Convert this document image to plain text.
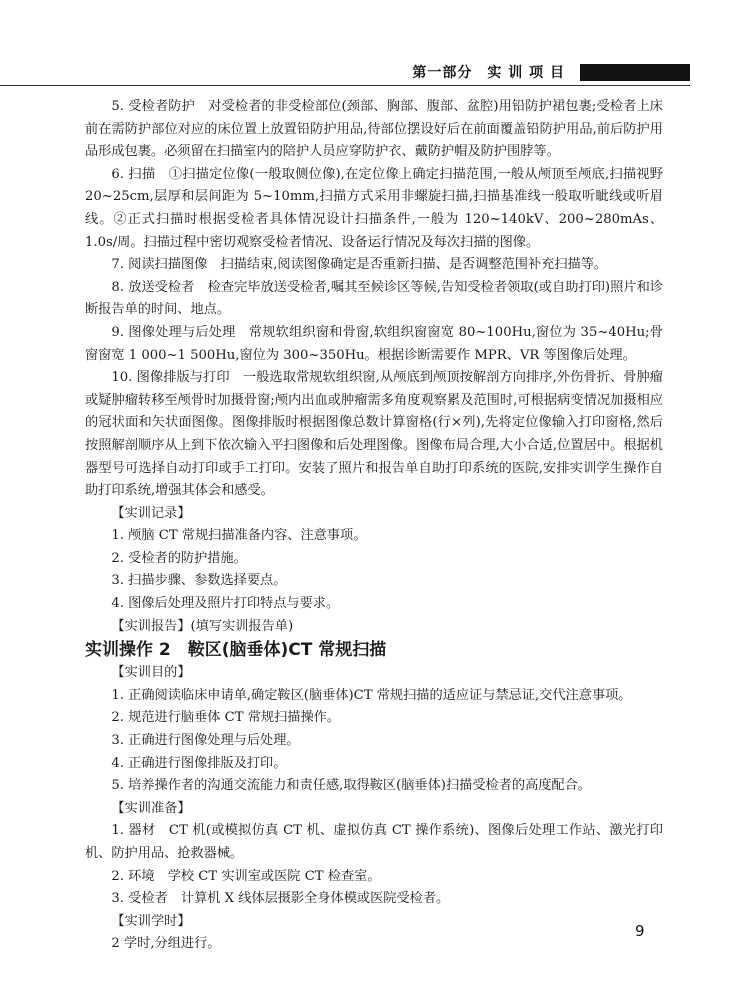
第一部分　实 训 项 目

5. 受检者防护　对受检者的非受检部位(颈部、胸部、腹部、盆腔)用铅防护裙包裹;受检者上床前在需防护部位对应的床位置上放置铅防护用品,待部位摆设好后在前面覆盖铅防护用品,前后防护用品形成包裹。必须留在扫描室内的陪护人员应穿防护衣、戴防护帽及防护围脖等。

6. 扫描　①扫描定位像(一般取侧位像),在定位像上确定扫描范围,一般从颅顶至颅底,扫描视野 20~25cm,层厚和层间距为 5~10mm,扫描方式采用非螺旋扫描,扫描基准线一般取听眦线或听眉线。②正式扫描时根据受检者具体情况设计扫描条件,一般为 120~140kV、200~280mAs、1.0s/周。扫描过程中密切观察受检者情况、设备运行情况及每次扫描的图像。

7. 阅读扫描图像　扫描结束,阅读图像确定是否重新扫描、是否调整范围补充扫描等。

8. 放送受检者　检查完毕放送受检者,嘱其至候诊区等候,告知受检者领取(或自助打印)照片和诊断报告单的时间、地点。

9. 图像处理与后处理　常规软组织窗和骨窗,软组织窗窗宽 80~100Hu,窗位为 35~40Hu;骨窗窗宽 1 000~1 500Hu,窗位为 300~350Hu。根据诊断需要作 MPR、VR 等图像后处理。

10. 图像排版与打印　一般选取常规软组织窗,从颅底到颅顶按解剖方向排序,外伤骨折、骨肿瘤或疑肿瘤转移至颅骨时加摄骨窗;颅内出血或肿瘤需多角度观察累及范围时,可根据病变情况加摄相应的冠状面和矢状面图像。图像排版时根据图像总数计算窗格(行×列),先将定位像输入打印窗格,然后按照解剖顺序从上到下依次输入平扫图像和后处理图像。图像布局合理,大小合适,位置居中。根据机器型号可选择自动打印或手工打印。安装了照片和报告单自助打印系统的医院,安排实训学生操作自助打印系统,增强其体会和感受。

【实训记录】

1. 颅脑 CT 常规扫描准备内容、注意事项。

2. 受检者的防护措施。

3. 扫描步骤、参数选择要点。

4. 图像后处理及照片打印特点与要求。

【实训报告】(填写实训报告单)

实训操作 2　鞍区(脑垂体)CT 常规扫描

【实训目的】

1. 正确阅读临床申请单,确定鞍区(脑垂体)CT 常规扫描的适应证与禁忌证,交代注意事项。

2. 规范进行脑垂体 CT 常规扫描操作。

3. 正确进行图像处理与后处理。

4. 正确进行图像排版及打印。

5. 培养操作者的沟通交流能力和责任感,取得鞍区(脑垂体)扫描受检者的高度配合。

【实训准备】

1. 器材　CT 机(或模拟仿真 CT 机、虚拟仿真 CT 操作系统)、图像后处理工作站、激光打印机、防护用品、抢救器械。

2. 环境　学校 CT 实训室或医院 CT 检查室。

3. 受检者　计算机 X 线体层摄影全身体模或医院受检者。

【实训学时】

2 学时,分组进行。

9
